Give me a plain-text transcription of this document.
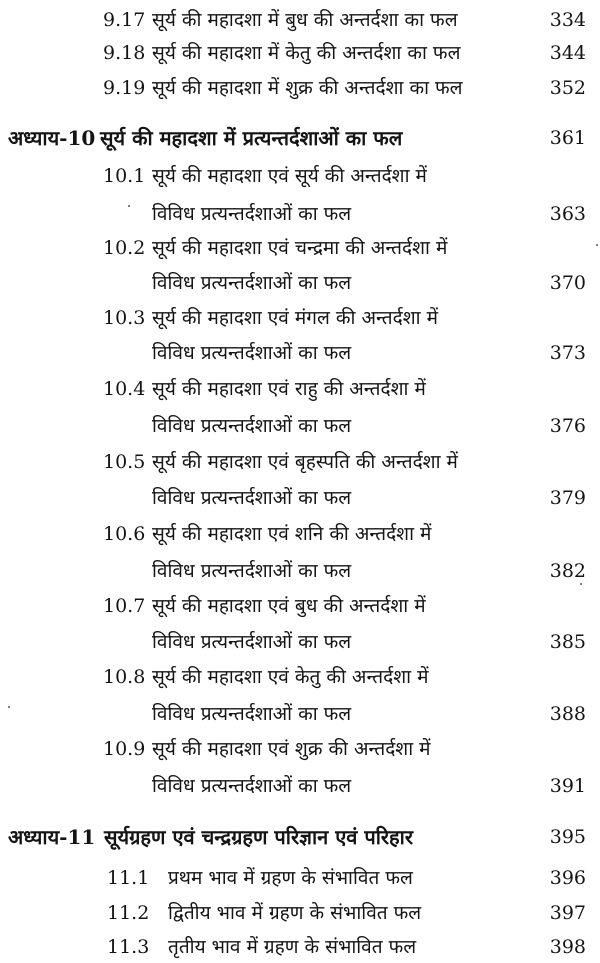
9.17 सूर्य की महादशा में बुध की अन्तर्दशा का फल	334
9.18 सूर्य की महादशा में केतु की अन्तर्दशा का फल	344
9.19 सूर्य की महादशा में शुक्र की अन्तर्दशा का फल	352
अध्याय-10 सूर्य की महादशा में प्रत्यन्तर्दशाओं का फल	361
10.1 सूर्य की महादशा एवं सूर्य की अन्तर्दशा में
विविध प्रत्यन्तर्दशाओं का फल	363
10.2 सूर्य की महादशा एवं चन्द्रमा की अन्तर्दशा में
विविध प्रत्यन्तर्दशाओं का फल	370
10.3 सूर्य की महादशा एवं मंगल की अन्तर्दशा में
विविध प्रत्यन्तर्दशाओं का फल	373
10.4 सूर्य की महादशा एवं राहु की अन्तर्दशा में
विविध प्रत्यन्तर्दशाओं का फल	376
10.5 सूर्य की महादशा एवं बृहस्पति की अन्तर्दशा में
विविध प्रत्यन्तर्दशाओं का फल	379
10.6 सूर्य की महादशा एवं शनि की अन्तर्दशा में
विविध प्रत्यन्तर्दशाओं का फल	382
10.7 सूर्य की महादशा एवं बुध की अन्तर्दशा में
विविध प्रत्यन्तर्दशाओं का फल	385
10.8 सूर्य की महादशा एवं केतु की अन्तर्दशा में
विविध प्रत्यन्तर्दशाओं का फल	388
10.9 सूर्य की महादशा एवं शुक्र की अन्तर्दशा में
विविध प्रत्यन्तर्दशाओं का फल	391
अध्याय-11 सूर्यग्रहण एवं चन्द्रग्रहण परिज्ञान एवं परिहार	395
11.1 प्रथम भाव में ग्रहण के संभावित फल	396
11.2 द्वितीय भाव में ग्रहण के संभावित फल	397
11.3 तृतीय भाव में ग्रहण के संभावित फल	398
